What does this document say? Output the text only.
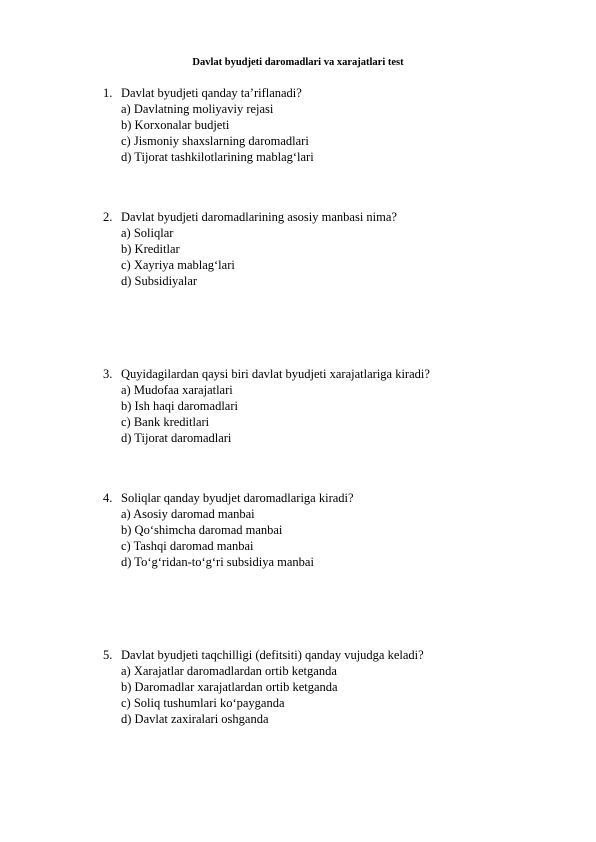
Davlat byudjeti daromadlari va xarajatlari test
1. Davlat byudjeti qanday ta’riflanadi?
a) Davlatning moliyaviy rejasi
b) Korxonalar budjeti
c) Jismoniy shaxslarning daromadlari
d) Tijorat tashkilotlarining mablag‘lari
2. Davlat byudjeti daromadlarining asosiy manbasi nima?
a) Soliqlar
b) Kreditlar
c) Xayriya mablag‘lari
d) Subsidiyalar
3. Quyidagilardan qaysi biri davlat byudjeti xarajatlariga kiradi?
a) Mudofaa xarajatlari
b) Ish haqi daromadlari
c) Bank kreditlari
d) Tijorat daromadlari
4. Soliqlar qanday byudjet daromadlariga kiradi?
a) Asosiy daromad manbai
b) Qo‘shimcha daromad manbai
c) Tashqi daromad manbai
d) To‘g‘ridan-to‘g‘ri subsidiya manbai
5. Davlat byudjeti taqchilligi (defitsiti) qanday vujudga keladi?
a) Xarajatlar daromadlardan ortib ketganda
b) Daromadlar xarajatlardan ortib ketganda
c) Soliq tushumlari ko‘payganda
d) Davlat zaxiralari oshganda
